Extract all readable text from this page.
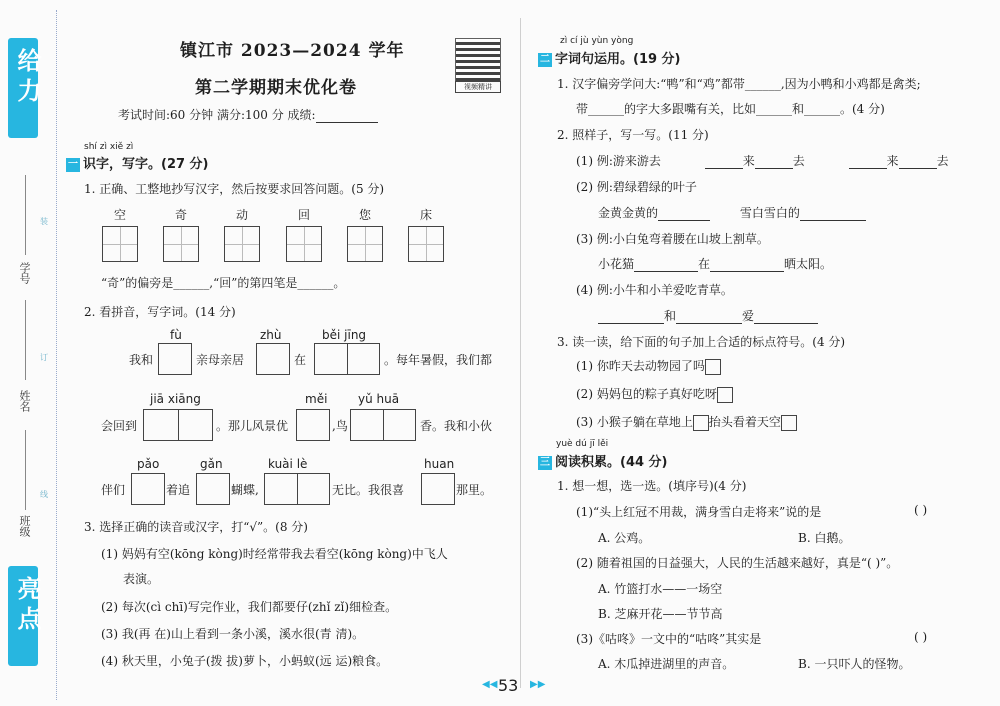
给力
亮点
学号
姓名
班级
装
订
线
镇江市 2023—2024 学年
第二学期期末优化卷
考试时间:60 分钟 满分:100 分 成绩:
视频精讲
shí zì xiě zì
一 识字，写字。(27 分)
1. 正确、工整地抄写汉字，然后按要求回答问题。(5 分)
空	奇	动	回	您	床
“奇”的偏旁是______,“回”的第四笔是______。
2. 看拼音，写字词。(14 分)
fù	zhù	běi jīng
我和	亲母亲居	在	。每年暑假，我们都
jiā xiāng	měi	yǔ huā
会回到	。那儿风景优	,鸟	香。我和小伙
pǎo	gǎn	kuài lè	huan
伴们	着追	蝴蝶,	无比。我很喜	那里。
3. 选择正确的读音或汉字，打“√”。(8 分)
(1) 妈妈有空(kōng kòng)时经常带我去看空(kōng kòng)中飞人
表演。
(2) 每次(cì chī)写完作业，我们都要仔(zhǐ zǐ)细检查。
(3) 我(再 在)山上看到一条小溪，溪水很(青 清)。
(4) 秋天里，小兔子(拨 拔)萝卜，小蚂蚁(远 运)粮食。
zì cí jù yùn yòng
二 字词句运用。(19 分)
1. 汉字偏旁学问大:“鸭”和“鸡”都带______,因为小鸭和小鸡都是禽类;
带______的字大多跟嘴有关，比如______和______。(4 分)
2. 照样子，写一写。(11 分)
(1) 例:游来游去	来	去	来	去
(2) 例:碧绿碧绿的叶子
金黄金黄的	雪白雪白的
(3) 例:小白兔弯着腰在山坡上割草。
小花猫	在	晒太阳。
(4) 例:小牛和小羊爱吃青草。
和	爱
3. 读一读，给下面的句子加上合适的标点符号。(4 分)
(1) 你昨天去动物园了吗
(2) 妈妈包的粽子真好吃呀
(3) 小猴子躺在草地上 抬头看着天空
yuè dú jī lěi
三 阅读积累。(44 分)
1. 想一想，选一选。(填序号)(4 分)
(1)“头上红冠不用裁，满身雪白走将来”说的是	( )
A. 公鸡。	B. 白鹅。
(2) 随着祖国的日益强大，人民的生活越来越好，真是“( )”。
A. 竹篮打水——一场空
B. 芝麻开花——节节高
(3)《咕咚》一文中的“咕咚”其实是	( )
A. 木瓜掉进湖里的声音。	B. 一只吓人的怪物。
◀◀ 53 ▶▶
